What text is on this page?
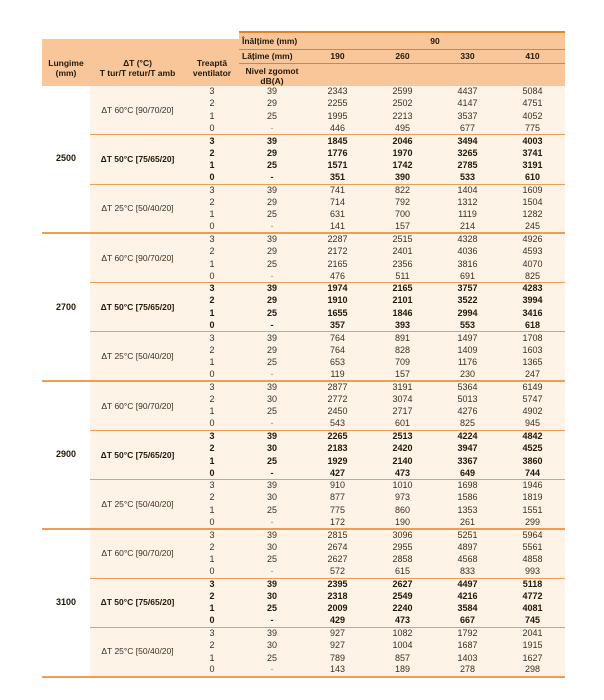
			Înălțime (mm)	90			

Lungime
(mm)	ΔT (°C)
T tur/T retur/T amb	Treaptă
ventilator	Lățime (mm)	190	260	330	410

			Nivel zgomot
dB(A)				

2500	ΔT 60°C [90/70/20]	3	39	2343	2599	4437	5084
		2	29	2255	2502	4147	4751
		1	25	1995	2213	3537	4052
		0	-	446	495	677	775
	ΔT 50°C [75/65/20]	3	39	1845	2046	3494	4003
		2	29	1776	1970	3265	3741
		1	25	1571	1742	2785	3191
		0	-	351	390	533	610
	ΔT 25°C [50/40/20]	3	39	741	822	1404	1609
		2	29	714	792	1312	1504
		1	25	631	700	1119	1282
		0	-	141	157	214	245
2700	ΔT 60°C [90/70/20]	3	39	2287	2515	4328	4926
		2	29	2172	2401	4036	4593
		1	25	2165	2356	3816	4070
		0	-	476	511	691	825
	ΔT 50°C [75/65/20]	3	39	1974	2165	3757	4283
		2	29	1910	2101	3522	3994
		1	25	1655	1846	2994	3416
		0	-	357	393	553	618
	ΔT 25°C [50/40/20]	3	39	764	891	1497	1708
		2	29	764	828	1409	1603
		1	25	653	709	1176	1365
		0	-	119	157	230	247
2900	ΔT 60°C [90/70/20]	3	39	2877	3191	5364	6149
		2	30	2772	3074	5013	5747
		1	25	2450	2717	4276	4902
		0	-	543	601	825	945
	ΔT 50°C [75/65/20]	3	39	2265	2513	4224	4842
		2	30	2183	2420	3947	4525
		1	25	1929	2140	3367	3860
		0	-	427	473	649	744
	ΔT 25°C [50/40/20]	3	39	910	1010	1698	1946
		2	30	877	973	1586	1819
		1	25	775	860	1353	1551
		0	-	172	190	261	299
3100	ΔT 60°C [90/70/20]	3	39	2815	3096	5251	5964
		2	30	2674	2955	4897	5561
		1	25	2627	2858	4568	4858
		0	-	572	615	833	993
	ΔT 50°C [75/65/20]	3	39	2395	2627	4497	5118
		2	30	2318	2549	4216	4772
		1	25	2009	2240	3584	4081
		0	-	429	473	667	745
	ΔT 25°C [50/40/20]	3	39	927	1082	1792	2041
		2	30	927	1004	1687	1915
		1	25	789	857	1403	1627
		0	-	143	189	278	298
